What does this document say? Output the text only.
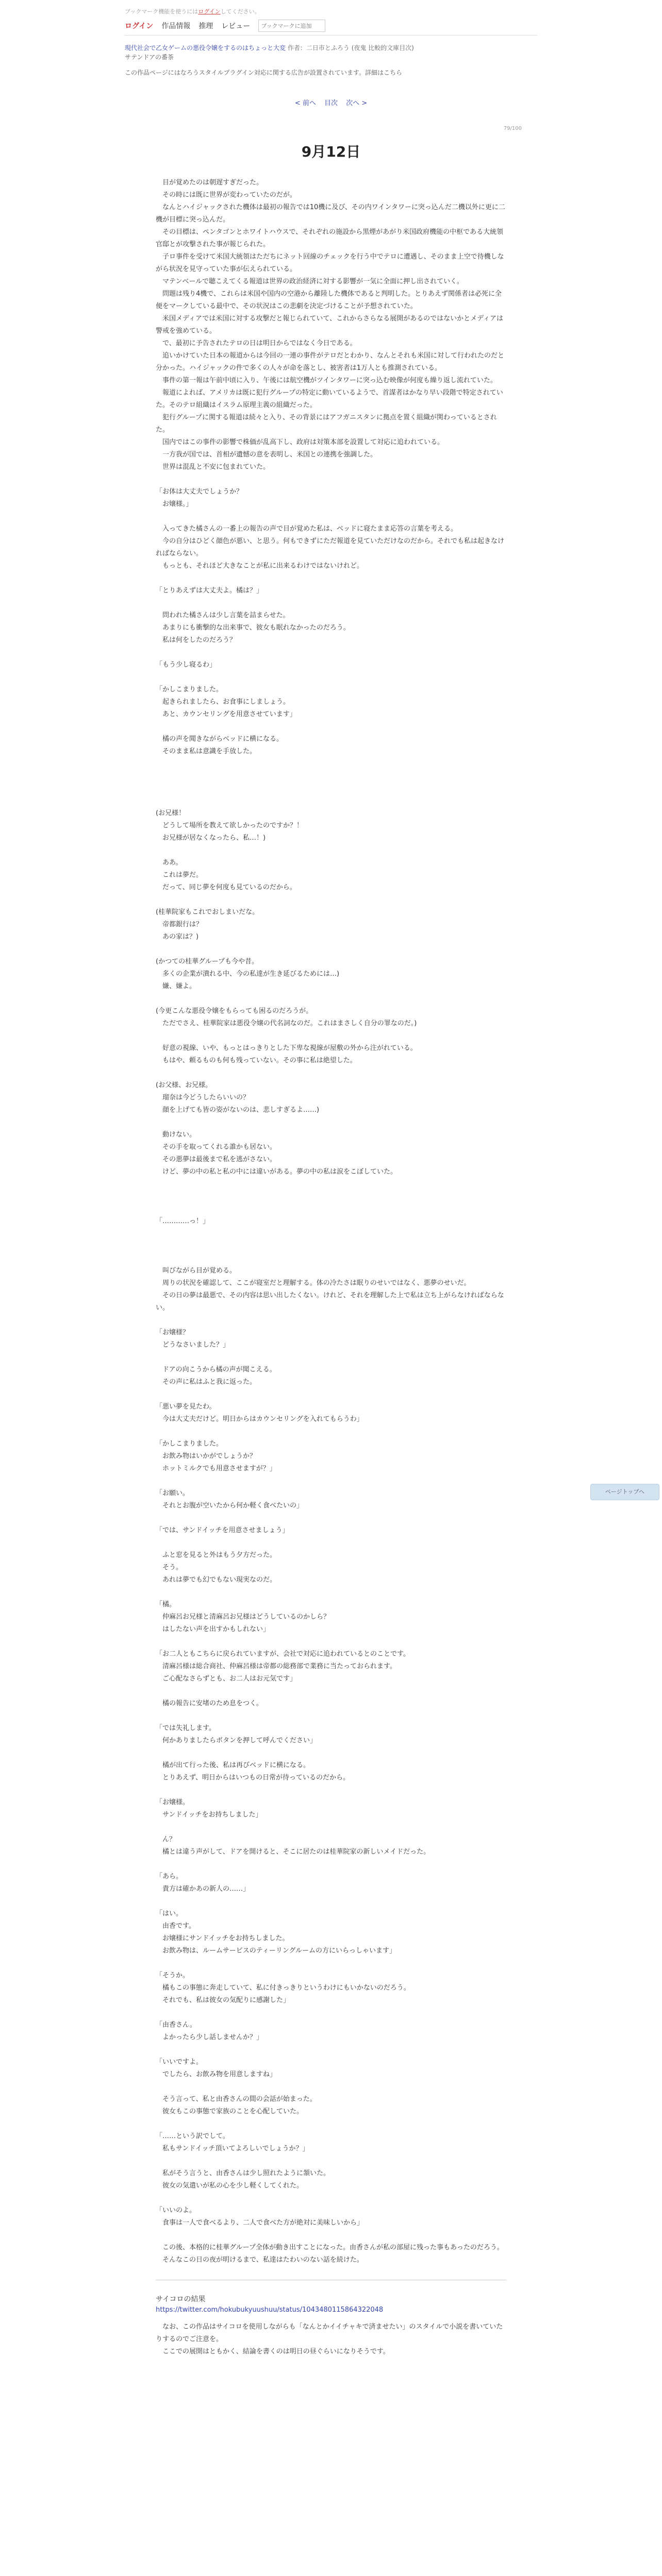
ブックマーク機能を使うにはログインしてください。
ログイン 作品情報 推理 レビュー
ブックマークに追加
現代社会で乙女ゲームの悪役令嬢をするのはちょっと大変 作者：二日市とふろう (夜鬼 比較的文庫目次)
サテンドアの番茶
この作品ページにはなろうスタイルプラグイン対応に関する広告が設置されています。詳細はこちら
< 前へ 目次 次へ >
79/100
9月12日

　目が覚めたのは朝遅すぎだった。

　その時には既に世界が変わっていたのだが。

　なんとハイジャックされた機体は最初の報告では10機に及び、その内ワインタワーに突っ込んだ二機以外に更に二機が目標に突っ込んだ。

　その目標は、ペンタゴンとホワイトハウスで、それぞれの施設から黒煙があがり米国政府機能の中枢である大統領官邸とが攻撃された事が報じられた。

　子ロ事件を受けて米国大統領はただちにネット回線のチェックを行う中でテロに遭遇し、そのまま上空で待機しながら状況を見守っていた事が伝えられている。

　マテンベールで聴こえてくる報道は世界の政治経済に対する影響が一気に全面に押し出されていく。

　問題は残り4機で、これらは米国や国内の空港から離陸した機体であると判明した。とりあえず関係者は必死に全便をマークしている最中で、その状況はこの悲劇を決定づけることが予想されていた。

　米国メディアでは米国に対する攻撃だと報じられていて、これからさらなる展開があるのではないかとメディアは警戒を強めている。

　で、最初に予告されたテロの日は明日からではなく今日である。

　追いかけていた日本の報道からは今回の一連の事件がテロだとわかり、なんとそれも米国に対して行われたのだと分かった。ハイジャックの件で多くの人々が命を落とし、被害者は1万人とも推測されている。

　事件の第一報は午前中頃に入り、午後には航空機がツインタワーに突っ込む映像が何度も繰り返し流れていた。

　報道によれば、アメリカは既に犯行グループの特定に動いているようで、首謀者はかなり早い段階で特定されていた。そのテロ組織はイスラム原理主義の組織だった。

　犯行グループに関する報道は続々と入り、その背景にはアフガニスタンに拠点を置く組織が関わっているとされた。

　国内ではこの事件の影響で株価が乱高下し、政府は対策本部を設置して対応に追われている。

　一方我が国では、首相が遺憾の意を表明し、米国との連携を強調した。

　世界は混乱と不安に包まれていた。

「お体は大丈夫でしょうか？

　お嬢様。」

　入ってきた橘さんの一番上の報告の声で目が覚めた私は、ベッドに寝たまま応答の言葉を考える。

　今の自分はひどく顔色が悪い、と思う。何もできずにただ報道を見ていただけなのだから。それでも私は起きなければならない。

　もっとも、それほど大きなことが私に出来るわけではないけれど。

「とりあえずは大丈夫よ。橘は？」

　問われた橘さんは少し言葉を詰まらせた。

　あまりにも衝撃的な出来事で、彼女も眠れなかったのだろう。

　私は何をしたのだろう？

「もう少し寝るわ」

「かしこまりました。

　起きられましたら、お食事にしましょう。

　あと、カウンセリングを用意させています」

　橘の声を聞きながらベッドに横になる。

　そのまま私は意識を手放した。

(お兄様！

　どうして場所を教えて欲しかったのですか？！

　お兄様が居なくなったら、私…！)

　ああ。

　これは夢だ。

　だって、同じ夢を何度も見ているのだから。

(桂華院家もこれでおしまいだな。

　帝都銀行は？

　あの家は？)

(かつての桂華グループも今や昔。

　多くの企業が潰れる中、今の私達が生き延びるためには…)

　嫌、嫌よ。

(今更こんな悪役令嬢をもらっても困るのだろうが。

　ただでさえ、桂華院家は悪役令嬢の代名詞なのだ。これはまさしく自分の罪なのだ。)

　好意の視線、いや、もっとはっきりとした下卑な視線が屋敷の外から注がれている。

　もはや、頼るものも何も残っていない。その事に私は絶望した。

(お父様、お兄様。

　瑠奈は今どうしたらいいの？

　顔を上げても皆の姿がないのは、悲しすぎるよ……)

　動けない。

　その手を取ってくれる誰かも居ない。

　その悪夢は最後まで私を逃がさない。

　けど、夢の中の私と私の中には違いがある。夢の中の私は涙をこぼしていた。

「…………っ！」

　叫びながら目が覚める。

　周りの状況を確認して、ここが寝室だと理解する。体の冷たさは眠りのせいではなく、悪夢のせいだ。

　その日の夢は最悪で、その内容は思い出したくない。けれど、それを理解した上で私は立ち上がらなければならない。

「お嬢様？

　どうなさいました？」

　ドアの向こうから橘の声が聞こえる。

　その声に私はふと我に返った。

「悪い夢を見たわ。

　今は大丈夫だけど。明日からはカウンセリングを入れてもらうわ」

「かしこまりました。

　お飲み物はいかがでしょうか？

　ホットミルクでも用意させますが？」

「お願い。

　それとお腹が空いたから何か軽く食べたいの」

「では、サンドイッチを用意させましょう」

　ふと窓を見ると外はもう夕方だった。

　そう。

　あれは夢でも幻でもない現実なのだ。

「橘。

　仲麻呂お兄様と清麻呂お兄様はどうしているのかしら？

　はしたない声を出すかもしれない」

「お二人ともこちらに戻られていますが、会社で対応に追われているとのことです。

　清麻呂様は総合商社、仲麻呂様は帝都の総務部で業務に当たっておられます。

　ご心配なさらずとも、お二人はお元気です」

　橘の報告に安堵のため息をつく。

「では失礼します。

　何かありましたらボタンを押して呼んでください」

　橘が出て行った後、私は再びベッドに横になる。

　とりあえず、明日からはいつもの日常が待っているのだから。

「お嬢様。

　サンドイッチをお持ちしました」

　ん？

　橘とは違う声がして、ドアを開けると、そこに居たのは桂華院家の新しいメイドだった。

「あら。

　貴方は確かあの新人の……」

「はい。

　由香です。

　お嬢様にサンドイッチをお持ちしました。

　お飲み物は、ルームサービスのティーリングルームの方にいらっしゃいます」

「そうか。

　橘もこの事態に奔走していて、私に付きっきりというわけにもいかないのだろう。

　それでも、私は彼女の気配りに感謝した」

「由香さん。

　よかったら少し話しませんか？」

「いいですよ。

　でしたら、お飲み物を用意しますね」

　そう言って、私と由香さんの間の会話が始まった。

　彼女もこの事態で家族のことを心配していた。

「……という訳でして。

　私もサンドイッチ頂いてよろしいでしょうか？」

　私がそう言うと、由香さんは少し照れたように頷いた。

　彼女の気遣いが私の心を少し軽くしてくれた。

「いいのよ。

　食事は一人で食べるより、二人で食べた方が絶対に美味しいから」

　この後、本格的に桂華グループ全体が動き出すことになった。由香さんが私の部屋に残った事もあったのだろう。

　そんなこの日の夜が明けるまで、私達はたわいのない話を続けた。

サイコロの結果
https://twitter.com/hokubukyuushuu/status/1043480115864322048

　なお、この作品はサイコロを使用しながらも「なんとかイイチャキで済ませたい」のスタイルで小説を書いていたりするのでご注意を。

　ここでの展開はともかく、結論を書くのは明日の昼ぐらいになりそうです。

ページトップへ
